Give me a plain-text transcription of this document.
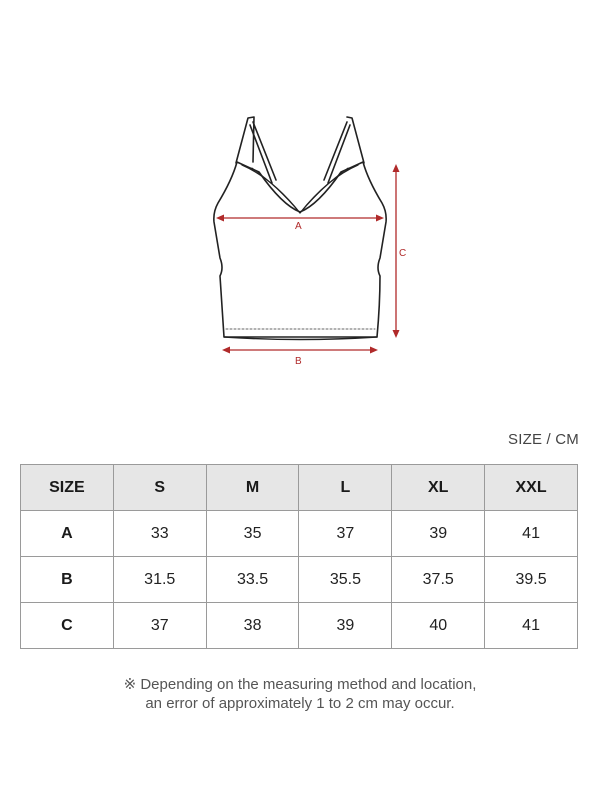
A
B
C
SIZE / CM
SIZE	S	M	L	XL	XXL
A	33	35	37	39	41
B	31.5	33.5	35.5	37.5	39.5
C	37	38	39	40	41
※ Depending on the measuring method and location,
an error of approximately 1 to 2 cm may occur.
